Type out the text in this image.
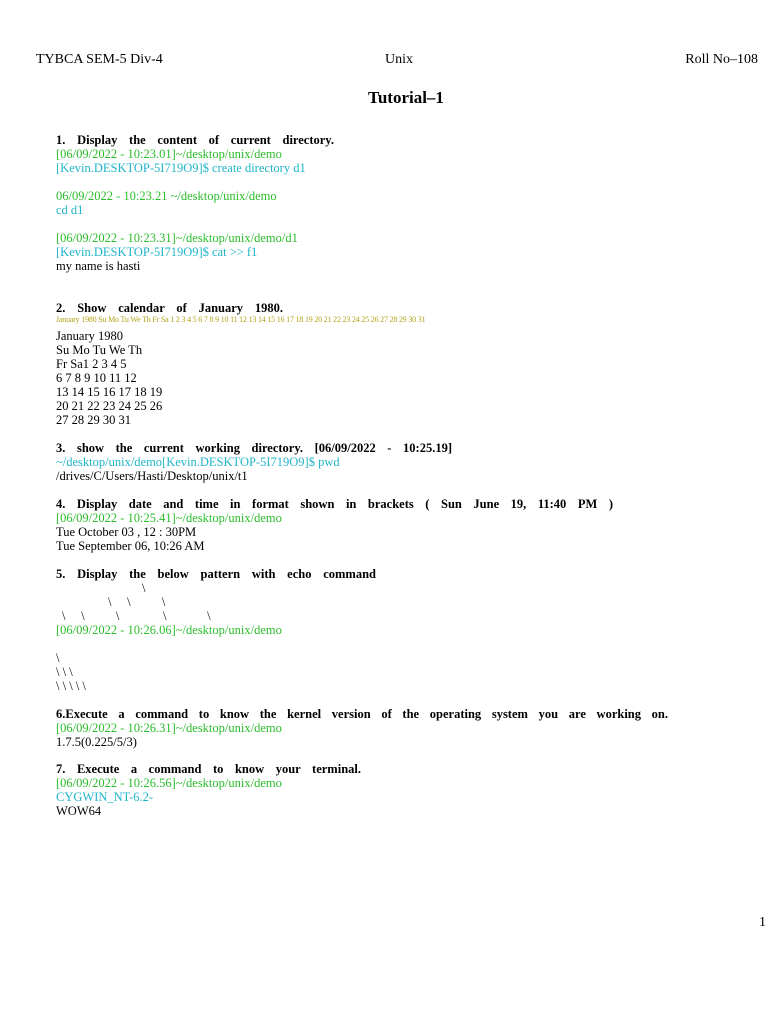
TYBCA SEM-5 Div-4	Unix	Roll No–108
Tutorial–1
1. Display the content of current directory.
[06/09/2022 - 10:23.01]~/desktop/unix/demo
[Kevin.DESKTOP-5I719O9]$ create directory d1
06/09/2022 - 10:23.21 ~/desktop/unix/demo
cd d1
[06/09/2022 - 10:23.31]~/desktop/unix/demo/d1
[Kevin.DESKTOP-5I719O9]$ cat >> f1
my name is hasti
2. Show calendar of January 1980.
January 1980 Su Mo Tu We Th Fr Sa 1 2 3 4 5 6 7 8 9 10 11 12 13 14 15 16 17 18 19 20 21 22 23 24 25 26 27 28 29 30 31
January 1980
Su Mo Tu We Th
Fr Sa1 2 3 4 5
6 7 8 9 10 11 12
13 14 15 16 17 18 19
20 21 22 23 24 25 26
27 28 29 30 31
3. show the current working directory. [06/09/2022 - 10:25.19]
~/desktop/unix/demo[Kevin.DESKTOP-5I719O9]$ pwd
/drives/C/Users/Hasti/Desktop/unix/t1
4. Display date and time in format shown in brackets ( Sun June 19, 11:40 PM )
[06/09/2022 - 10:25.41]~/desktop/unix/demo
Tue October 03 , 12 : 30PM
Tue September 06, 10:26 AM
5. Display the below pattern with echo command
\
\     \          \
\     \          \              \             \
[06/09/2022 - 10:26.06]~/desktop/unix/demo
\
\ \ \
\ \ \ \ \
6.Execute a command to know the kernel version of the operating system you are working on.
[06/09/2022 - 10:26.31]~/desktop/unix/demo
1.7.5(0.225/5/3)
7. Execute a command to know your terminal.
[06/09/2022 - 10:26.56]~/desktop/unix/demo
CYGWIN_NT-6.2-
WOW64
1
